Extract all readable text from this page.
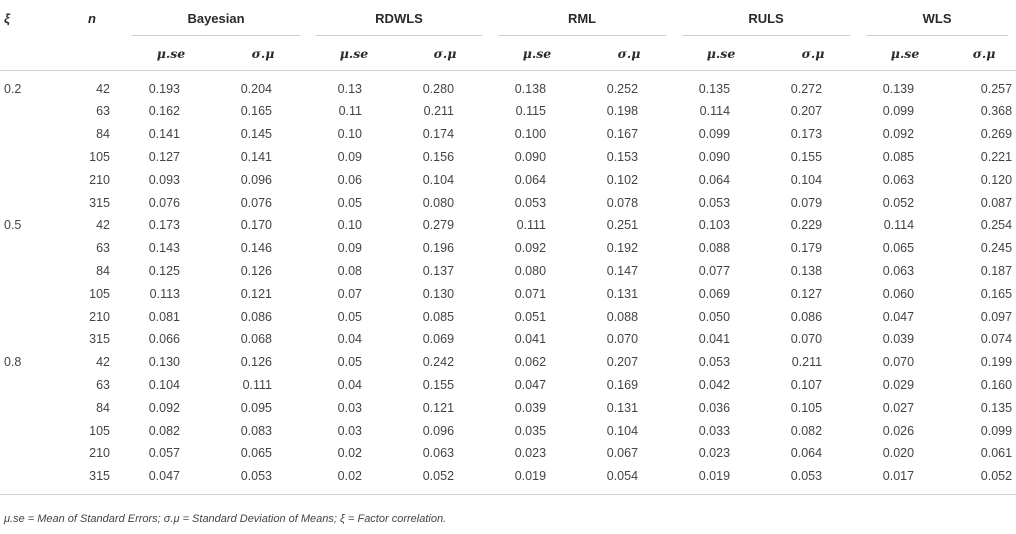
ξ	n	Bayesian		RDWLS		RML		RULS		WLS	

		μ.se	σ.μ	μ.se	σ.μ	μ.se	σ.μ	μ.se	σ.μ	μ.se	σ.μ
0.2	42	0.193	0.204	0.13	0.280	0.138	0.252	0.135	0.272	0.139	0.257
	63	0.162	0.165	0.11	0.211	0.115	0.198	0.114	0.207	0.099	0.368
	84	0.141	0.145	0.10	0.174	0.100	0.167	0.099	0.173	0.092	0.269
	105	0.127	0.141	0.09	0.156	0.090	0.153	0.090	0.155	0.085	0.221
	210	0.093	0.096	0.06	0.104	0.064	0.102	0.064	0.104	0.063	0.120
	315	0.076	0.076	0.05	0.080	0.053	0.078	0.053	0.079	0.052	0.087
0.5	42	0.173	0.170	0.10	0.279	0.111	0.251	0.103	0.229	0.114	0.254
	63	0.143	0.146	0.09	0.196	0.092	0.192	0.088	0.179	0.065	0.245
	84	0.125	0.126	0.08	0.137	0.080	0.147	0.077	0.138	0.063	0.187
	105	0.113	0.121	0.07	0.130	0.071	0.131	0.069	0.127	0.060	0.165
	210	0.081	0.086	0.05	0.085	0.051	0.088	0.050	0.086	0.047	0.097
	315	0.066	0.068	0.04	0.069	0.041	0.070	0.041	0.070	0.039	0.074
0.8	42	0.130	0.126	0.05	0.242	0.062	0.207	0.053	0.211	0.070	0.199
	63	0.104	0.111	0.04	0.155	0.047	0.169	0.042	0.107	0.029	0.160
	84	0.092	0.095	0.03	0.121	0.039	0.131	0.036	0.105	0.027	0.135
	105	0.082	0.083	0.03	0.096	0.035	0.104	0.033	0.082	0.026	0.099
	210	0.057	0.065	0.02	0.063	0.023	0.067	0.023	0.064	0.020	0.061
	315	0.047	0.053	0.02	0.052	0.019	0.054	0.019	0.053	0.017	0.052
μ.se = Mean of Standard Errors; σ.μ = Standard Deviation of Means; ξ = Factor correlation.
